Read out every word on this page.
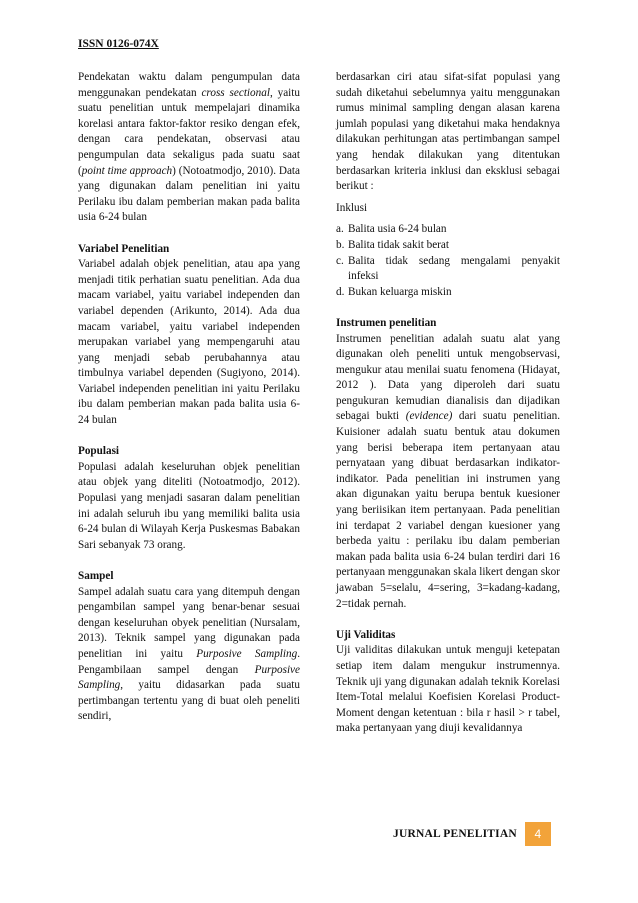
ISSN 0126-074X

Pendekatan waktu dalam pengumpulan data menggunakan pendekatan cross sectional, yaitu suatu penelitian untuk mempelajari dinamika korelasi antara faktor-faktor resiko dengan efek, dengan cara pendekatan, observasi atau pengumpulan data sekaligus pada suatu saat (point time approach) (Notoatmodjo, 2010). Data yang digunakan dalam penelitian ini yaitu Perilaku ibu dalam pemberian makan pada balita usia 6-24 bulan

Variabel Penelitian

Variabel adalah objek penelitian, atau apa yang menjadi titik perhatian suatu penelitian. Ada dua macam variabel, yaitu variabel independen dan variabel dependen (Arikunto, 2014). Ada dua macam variabel, yaitu variabel independen merupakan variabel yang mempengaruhi atau yang menjadi sebab perubahannya atau timbulnya variabel dependen (Sugiyono, 2014). Variabel independen penelitian ini yaitu Perilaku ibu dalam pemberian makan pada balita usia 6-24 bulan

Populasi

Populasi adalah keseluruhan objek penelitian atau objek yang diteliti (Notoatmodjo, 2012). Populasi yang menjadi sasaran dalam penelitian ini adalah seluruh ibu yang memiliki balita usia 6-24 bulan di Wilayah Kerja Puskesmas Babakan Sari sebanyak 73 orang.

Sampel

Sampel adalah suatu cara yang ditempuh dengan pengambilan sampel yang benar-benar sesuai dengan keseluruhan obyek penelitian (Nursalam, 2013). Teknik sampel yang digunakan pada penelitian ini yaitu Purposive Sampling. Pengambilaan sampel dengan Purposive Sampling, yaitu didasarkan pada suatu pertimbangan tertentu yang di buat oleh peneliti sendiri,

berdasarkan ciri atau sifat-sifat populasi yang sudah diketahui sebelumnya yaitu menggunakan rumus minimal sampling dengan alasan karena jumlah populasi yang diketahui maka hendaknya dilakukan perhitungan atas pertimbangan sampel yang hendak dilakukan yang ditentukan berdasarkan kriteria inklusi dan eksklusi sebagai berikut :

Inklusi

a. Balita usia 6-24 bulan
b. Balita tidak sakit berat
c. Balita tidak sedang mengalami penyakit infeksi
d. Bukan keluarga miskin

Instrumen penelitian

Instrumen penelitian adalah suatu alat yang digunakan oleh peneliti untuk mengobservasi, mengukur atau menilai suatu fenomena (Hidayat, 2012 ). Data yang diperoleh dari suatu pengukuran kemudian dianalisis dan dijadikan sebagai bukti (evidence) dari suatu penelitian. Kuisioner adalah suatu bentuk atau dokumen yang berisi beberapa item pertanyaan atau pernyataan yang dibuat berdasarkan indikator-indikator. Pada penelitian ini instrumen yang akan digunakan yaitu berupa bentuk kuesioner yang beriisikan item pertanyaan. Pada penelitian ini terdapat 2 variabel dengan kuesioner yang berbeda yaitu : perilaku ibu dalam pemberian makan pada balita usia 6-24 bulan terdiri dari 16 pertanyaan menggunakan skala likert dengan skor jawaban 5=selalu, 4=sering, 3=kadang-kadang, 2=tidak pernah.

Uji Validitas

Uji validitas dilakukan untuk menguji ketepatan setiap item dalam mengukur instrumennya. Teknik uji yang digunakan adalah teknik Korelasi Item-Total melalui Koefisien Korelasi Product-Moment dengan ketentuan : bila r hasil > r tabel, maka pertanyaan yang diuji kevalidannya

JURNAL PENELITIAN	4
